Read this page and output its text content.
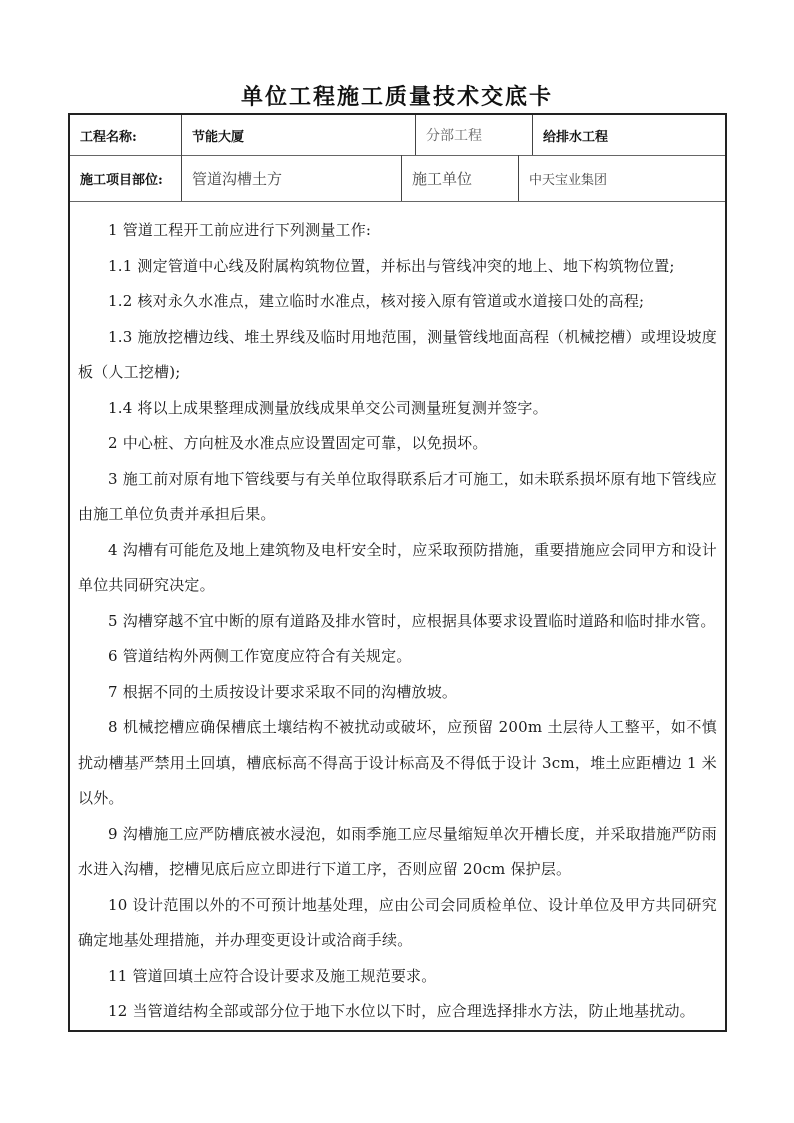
单位工程施工质量技术交底卡
工程名称:	节能大厦	分部工程	给排水工程
施工项目部位:	管道沟槽土方	施工单位	中天宝业集团

1 管道工程开工前应进行下列测量工作:

1.1 测定管道中心线及附属构筑物位置，并标出与管线冲突的地上、地下构筑物位置;

1.2 核对永久水准点，建立临时水准点，核对接入原有管道或水道接口处的高程;

1.3 施放挖槽边线、堆土界线及临时用地范围，测量管线地面高程（机械挖槽）或埋设坡度板（人工挖槽);

1.4 将以上成果整理成测量放线成果单交公司测量班复测并签字。

2 中心桩、方向桩及水准点应设置固定可靠，以免损坏。

3 施工前对原有地下管线要与有关单位取得联系后才可施工，如未联系损坏原有地下管线应由施工单位负责并承担后果。

4 沟槽有可能危及地上建筑物及电杆安全时，应采取预防措施，重要措施应会同甲方和设计单位共同研究决定。

5 沟槽穿越不宜中断的原有道路及排水管时，应根据具体要求设置临时道路和临时排水管。

6 管道结构外两侧工作宽度应符合有关规定。

7 根据不同的土质按设计要求采取不同的沟槽放坡。

8 机械挖槽应确保槽底土壤结构不被扰动或破坏，应预留 200m 土层待人工整平，如不慎扰动槽基严禁用土回填，槽底标高不得高于设计标高及不得低于设计 3cm，堆土应距槽边 1 米以外。

9 沟槽施工应严防槽底被水浸泡，如雨季施工应尽量缩短单次开槽长度，并采取措施严防雨水进入沟槽，挖槽见底后应立即进行下道工序，否则应留 20cm 保护层。

10 设计范围以外的不可预计地基处理，应由公司会同质检单位、设计单位及甲方共同研究确定地基处理措施，并办理变更设计或洽商手续。

11 管道回填土应符合设计要求及施工规范要求。

12 当管道结构全部或部分位于地下水位以下时，应合理选择排水方法，防止地基扰动。
